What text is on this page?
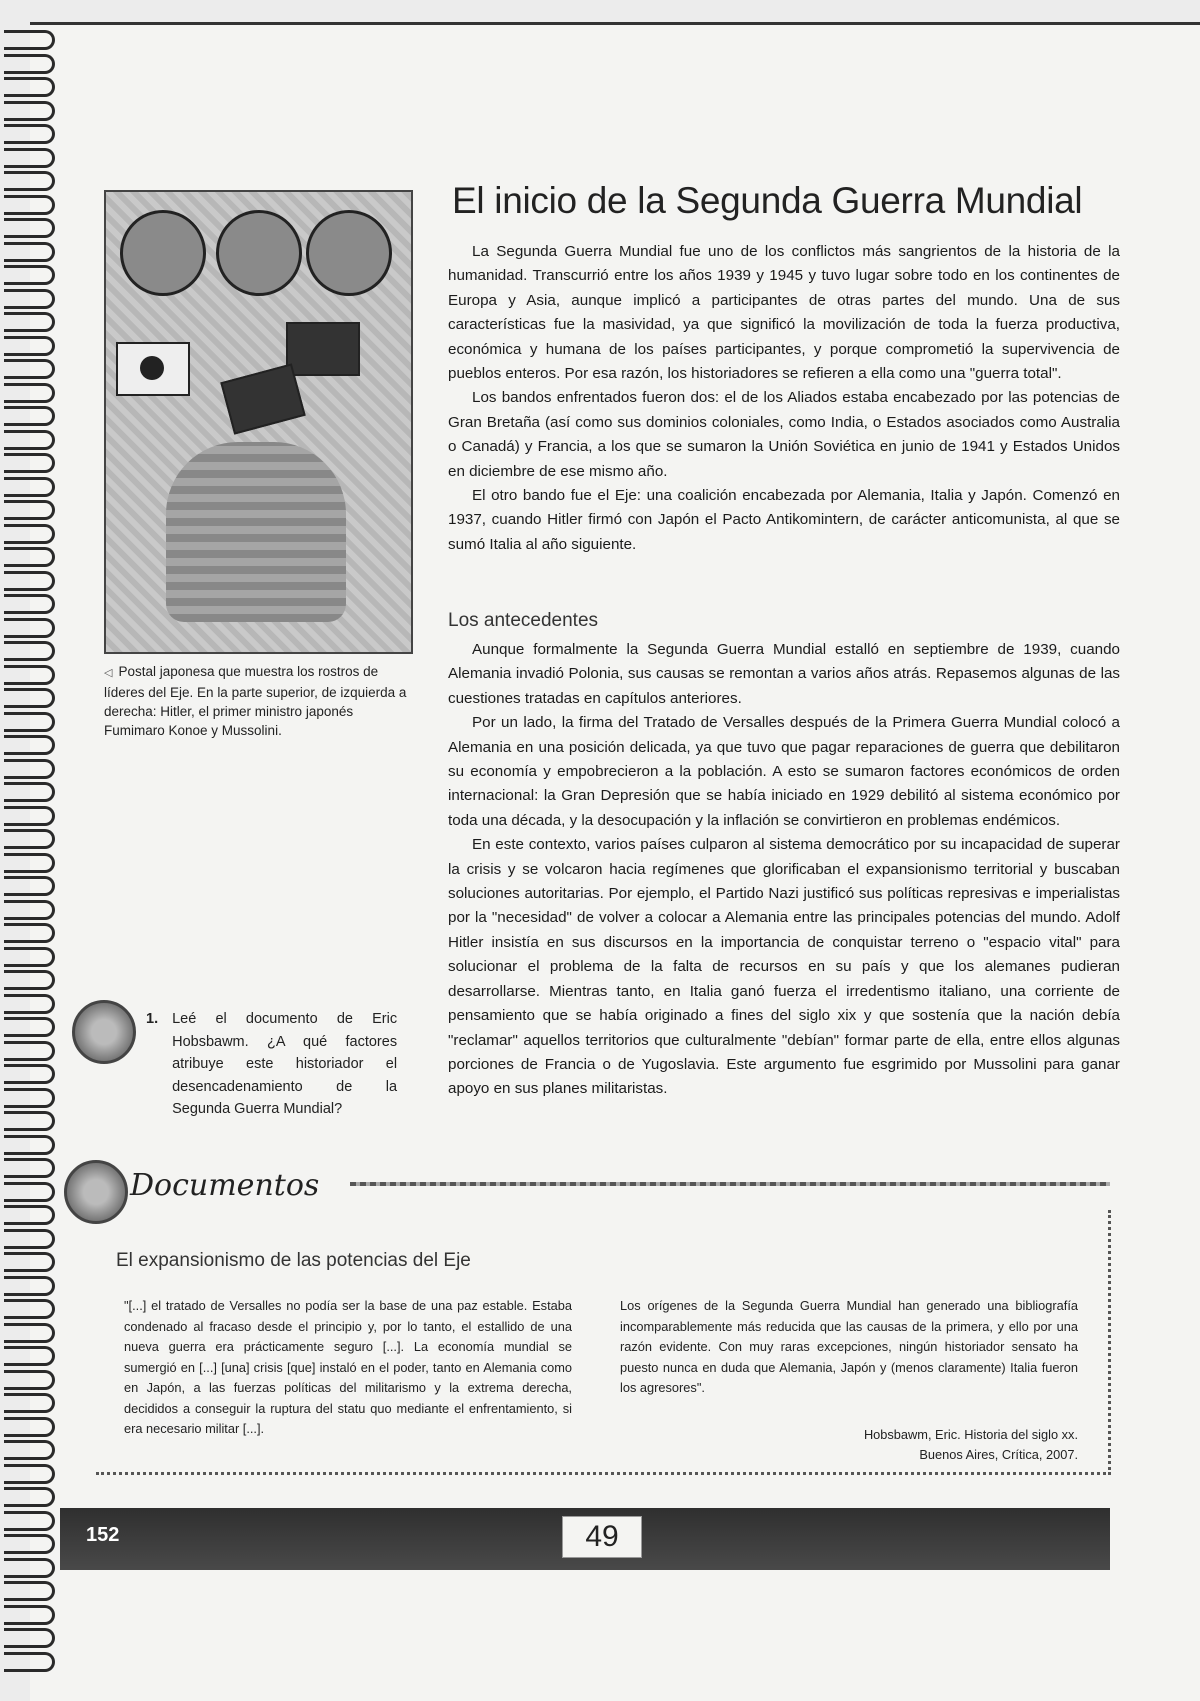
◁ Postal japonesa que muestra los rostros de líderes del Eje. En la parte superior, de izquierda a derecha: Hitler, el primer ministro japonés Fumimaro Konoe y Mussolini.
El inicio de la Segunda Guerra Mundial

La Segunda Guerra Mundial fue uno de los conflictos más sangrientos de la historia de la humanidad. Transcurrió entre los años 1939 y 1945 y tuvo lugar sobre todo en los continentes de Europa y Asia, aunque implicó a participantes de otras partes del mundo. Una de sus características fue la masividad, ya que significó la movilización de toda la fuerza productiva, económica y humana de los países participantes, y porque comprometió la supervivencia de pueblos enteros. Por esa razón, los historiadores se refieren a ella como una "guerra total".

Los bandos enfrentados fueron dos: el de los Aliados estaba encabezado por las potencias de Gran Bretaña (así como sus dominios coloniales, como India, o Estados asociados como Australia o Canadá) y Francia, a los que se sumaron la Unión Soviética en junio de 1941 y Estados Unidos en diciembre de ese mismo año.

El otro bando fue el Eje: una coalición encabezada por Alemania, Italia y Japón. Comenzó en 1937, cuando Hitler firmó con Japón el Pacto Antikomintern, de carácter anticomunista, al que se sumó Italia al año siguiente.

Los antecedentes

Aunque formalmente la Segunda Guerra Mundial estalló en septiembre de 1939, cuando Alemania invadió Polonia, sus causas se remontan a varios años atrás. Repasemos algunas de las cuestiones tratadas en capítulos anteriores.

Por un lado, la firma del Tratado de Versalles después de la Primera Guerra Mundial colocó a Alemania en una posición delicada, ya que tuvo que pagar reparaciones de guerra que debilitaron su economía y empobrecieron a la población. A esto se sumaron factores económicos de orden internacional: la Gran Depresión que se había iniciado en 1929 debilitó al sistema económico por toda una década, y la desocupación y la inflación se convirtieron en problemas endémicos.

En este contexto, varios países culparon al sistema democrático por su incapacidad de superar la crisis y se volcaron hacia regímenes que glorificaban el expansionismo territorial y buscaban soluciones autoritarias. Por ejemplo, el Partido Nazi justificó sus políticas represivas e imperialistas por la "necesidad" de volver a colocar a Alemania entre las principales potencias del mundo. Adolf Hitler insistía en sus discursos en la importancia de conquistar terreno o "espacio vital" para solucionar el problema de la falta de recursos en su país y que los alemanes pudieran desarrollarse. Mientras tanto, en Italia ganó fuerza el irredentismo italiano, una corriente de pensamiento que se había originado a fines del siglo xix y que sostenía que la nación debía "reclamar" aquellos territorios que culturalmente "debían" formar parte de ella, entre ellos algunas porciones de Francia o de Yugoslavia. Este argumento fue esgrimido por Mussolini para ganar apoyo en sus planes militaristas.

1. Leé el documento de Eric Hobsbawm. ¿A qué factores atribuye este historiador el desencadenamiento de la Segunda Guerra Mundial?
Documentos
El expansionismo de las potencias del Eje
"[...] el tratado de Versalles no podía ser la base de una paz estable. Estaba condenado al fracaso desde el principio y, por lo tanto, el estallido de una nueva guerra era prácticamente seguro [...]. La economía mundial se sumergió en [...] [una] crisis [que] instaló en el poder, tanto en Alemania como en Japón, a las fuerzas políticas del militarismo y la extrema derecha, decididos a conseguir la ruptura del statu quo mediante el enfrentamiento, si era necesario militar [...].
Los orígenes de la Segunda Guerra Mundial han generado una bibliografía incomparablemente más reducida que las causas de la primera, y ello por una razón evidente. Con muy raras excepciones, ningún historiador sensato ha puesto nunca en duda que Alemania, Japón y (menos claramente) Italia fueron los agresores".
Hobsbawm, Eric. Historia del siglo xx.
Buenos Aires, Crítica, 2007.
152	49
